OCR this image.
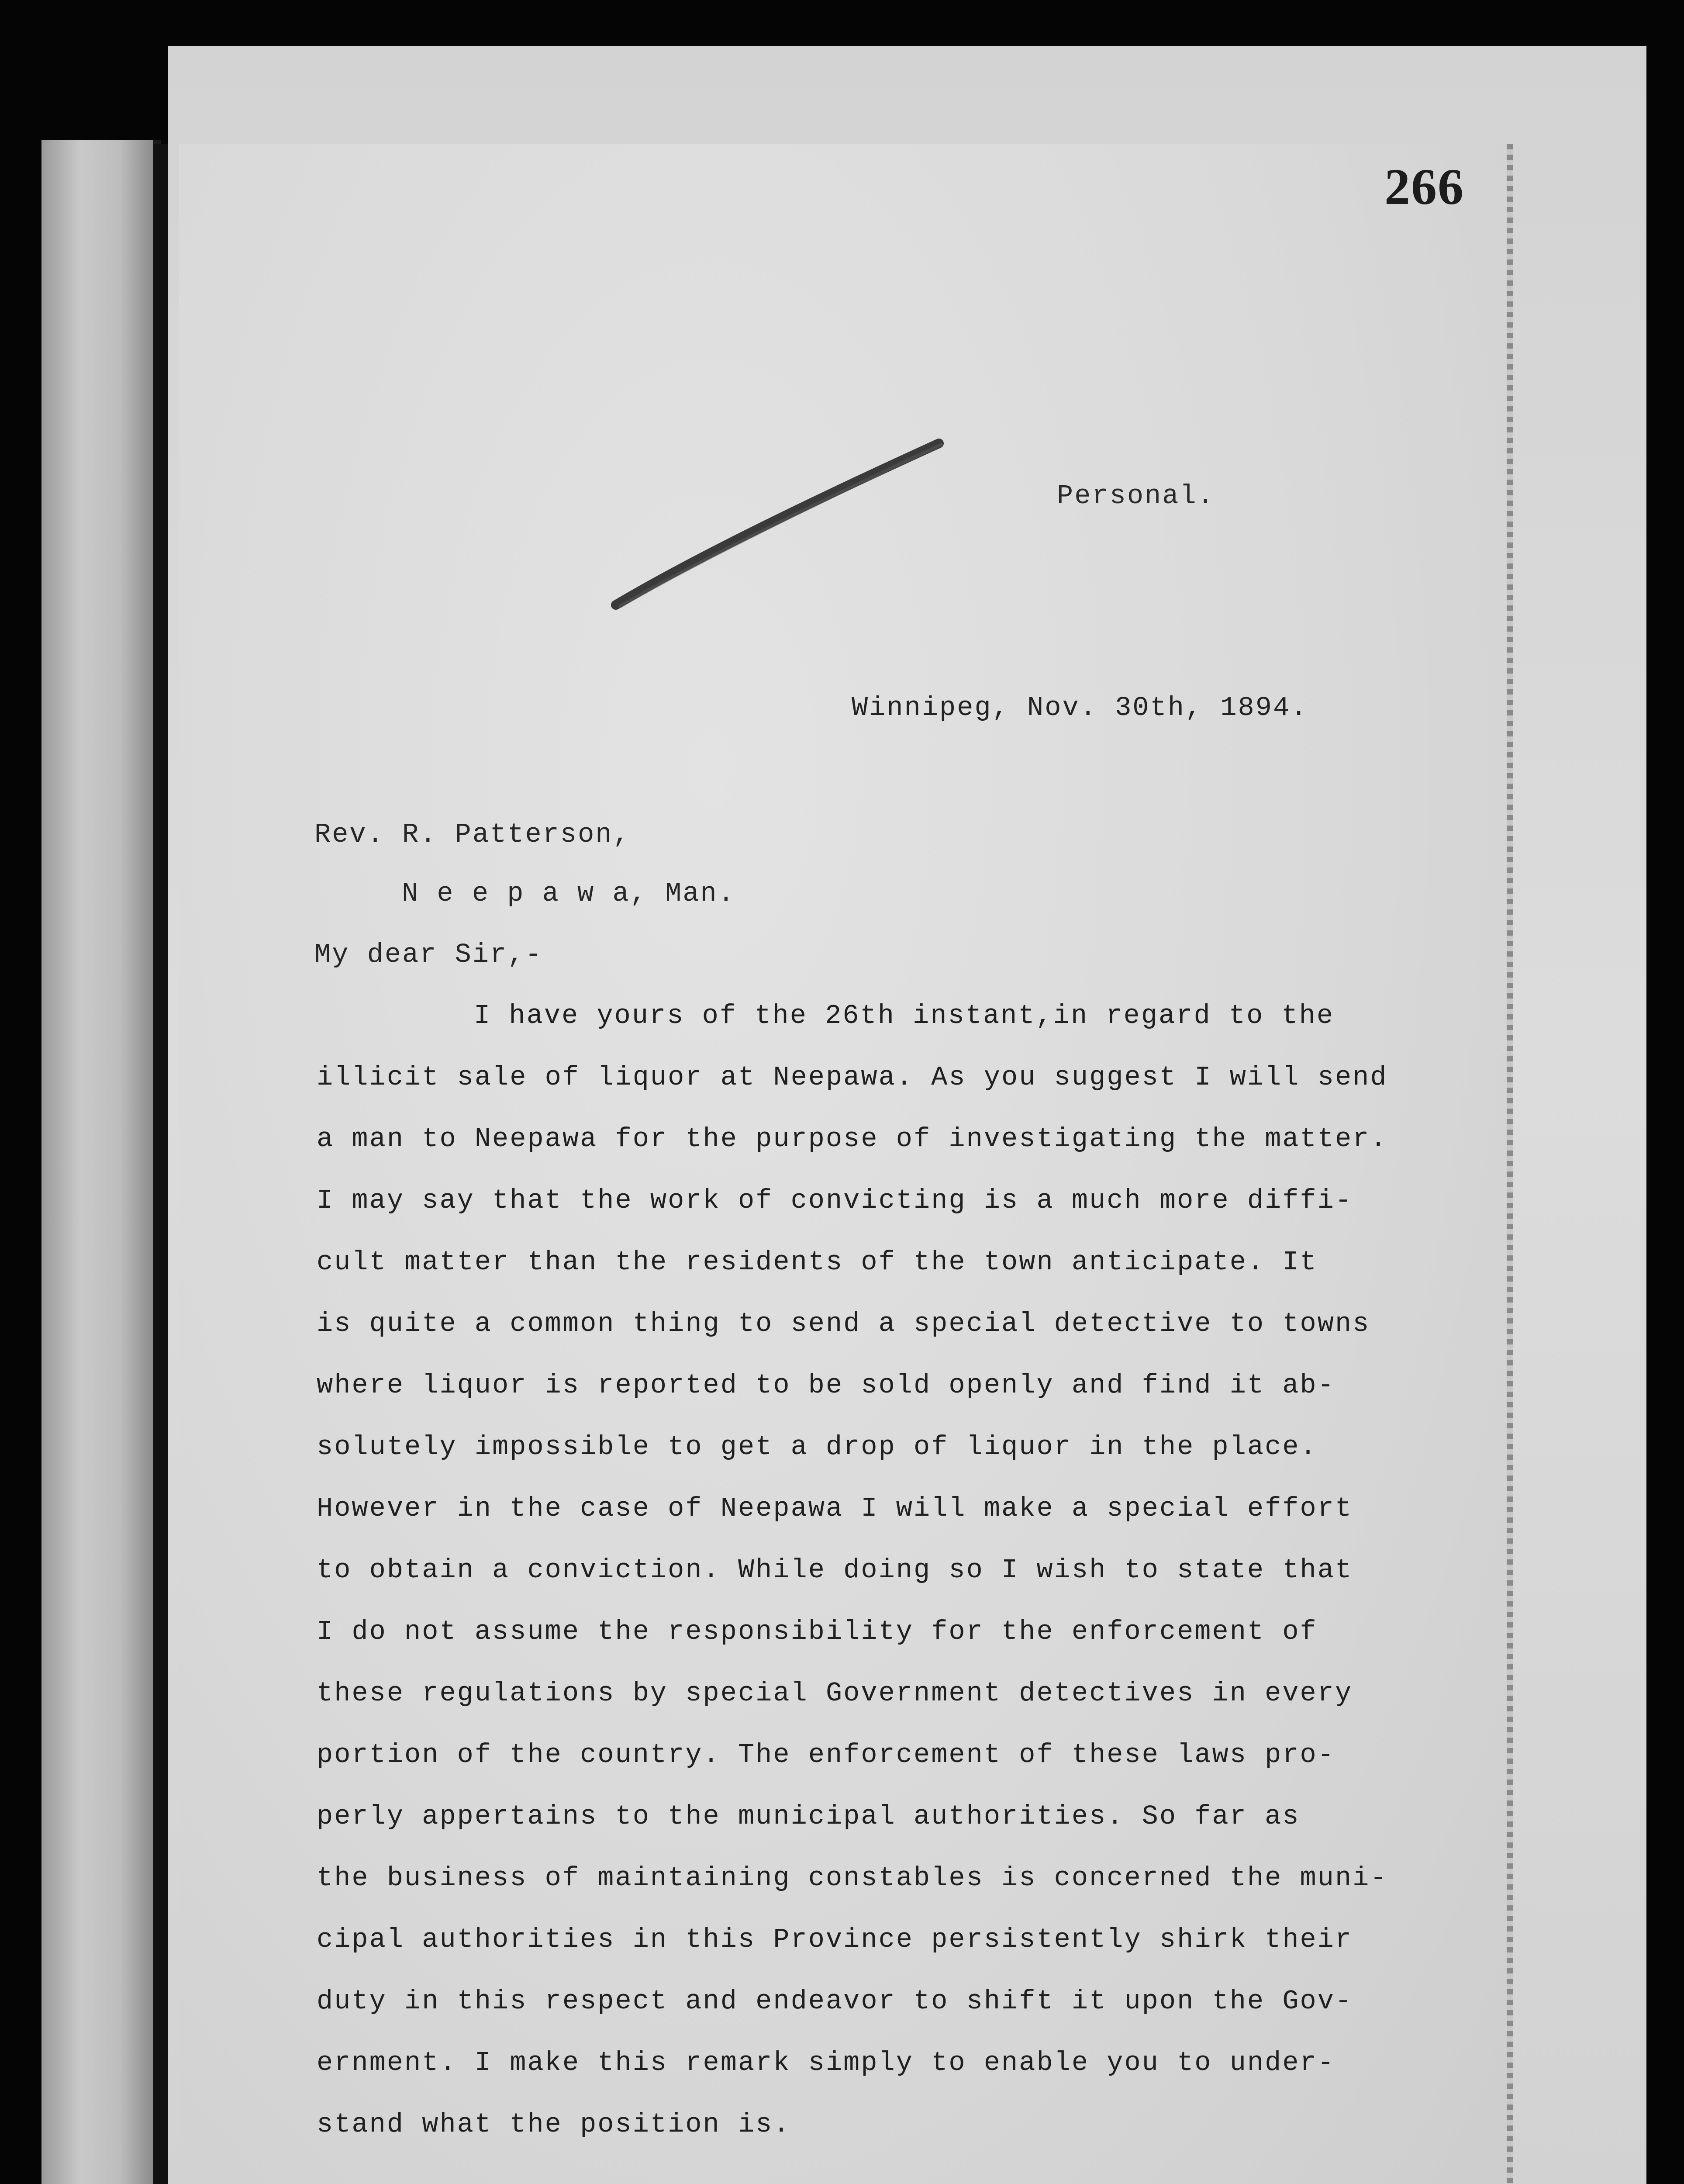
266
Personal.
Winnipeg, Nov. 30th, 1894.
Rev. R. Patterson,
N e e p a w a, Man.
My dear Sir,-
I have yours of the 26th instant,in regard to the
illicit sale of liquor at Neepawa. As you suggest I will send
a man to Neepawa for the purpose of investigating the matter.
I may say that the work of convicting is a much more diffi-
cult matter than the residents of the town anticipate. It
is quite a common thing to send a special detective to towns
where liquor is reported to be sold openly and find it ab-
solutely impossible to get a drop of liquor in the place.
However in the case of Neepawa I will make a special effort
to obtain a conviction. While doing so I wish to state that
I do not assume the responsibility for the enforcement of
these regulations by special Government detectives in every
portion of the country. The enforcement of these laws pro-
perly appertains to the municipal authorities. So far as
the business of maintaining constables is concerned the muni-
cipal authorities in this Province persistently shirk their
duty in this respect and endeavor to shift it upon the Gov-
ernment. I make this remark simply to enable you to under-
stand what the position is.
